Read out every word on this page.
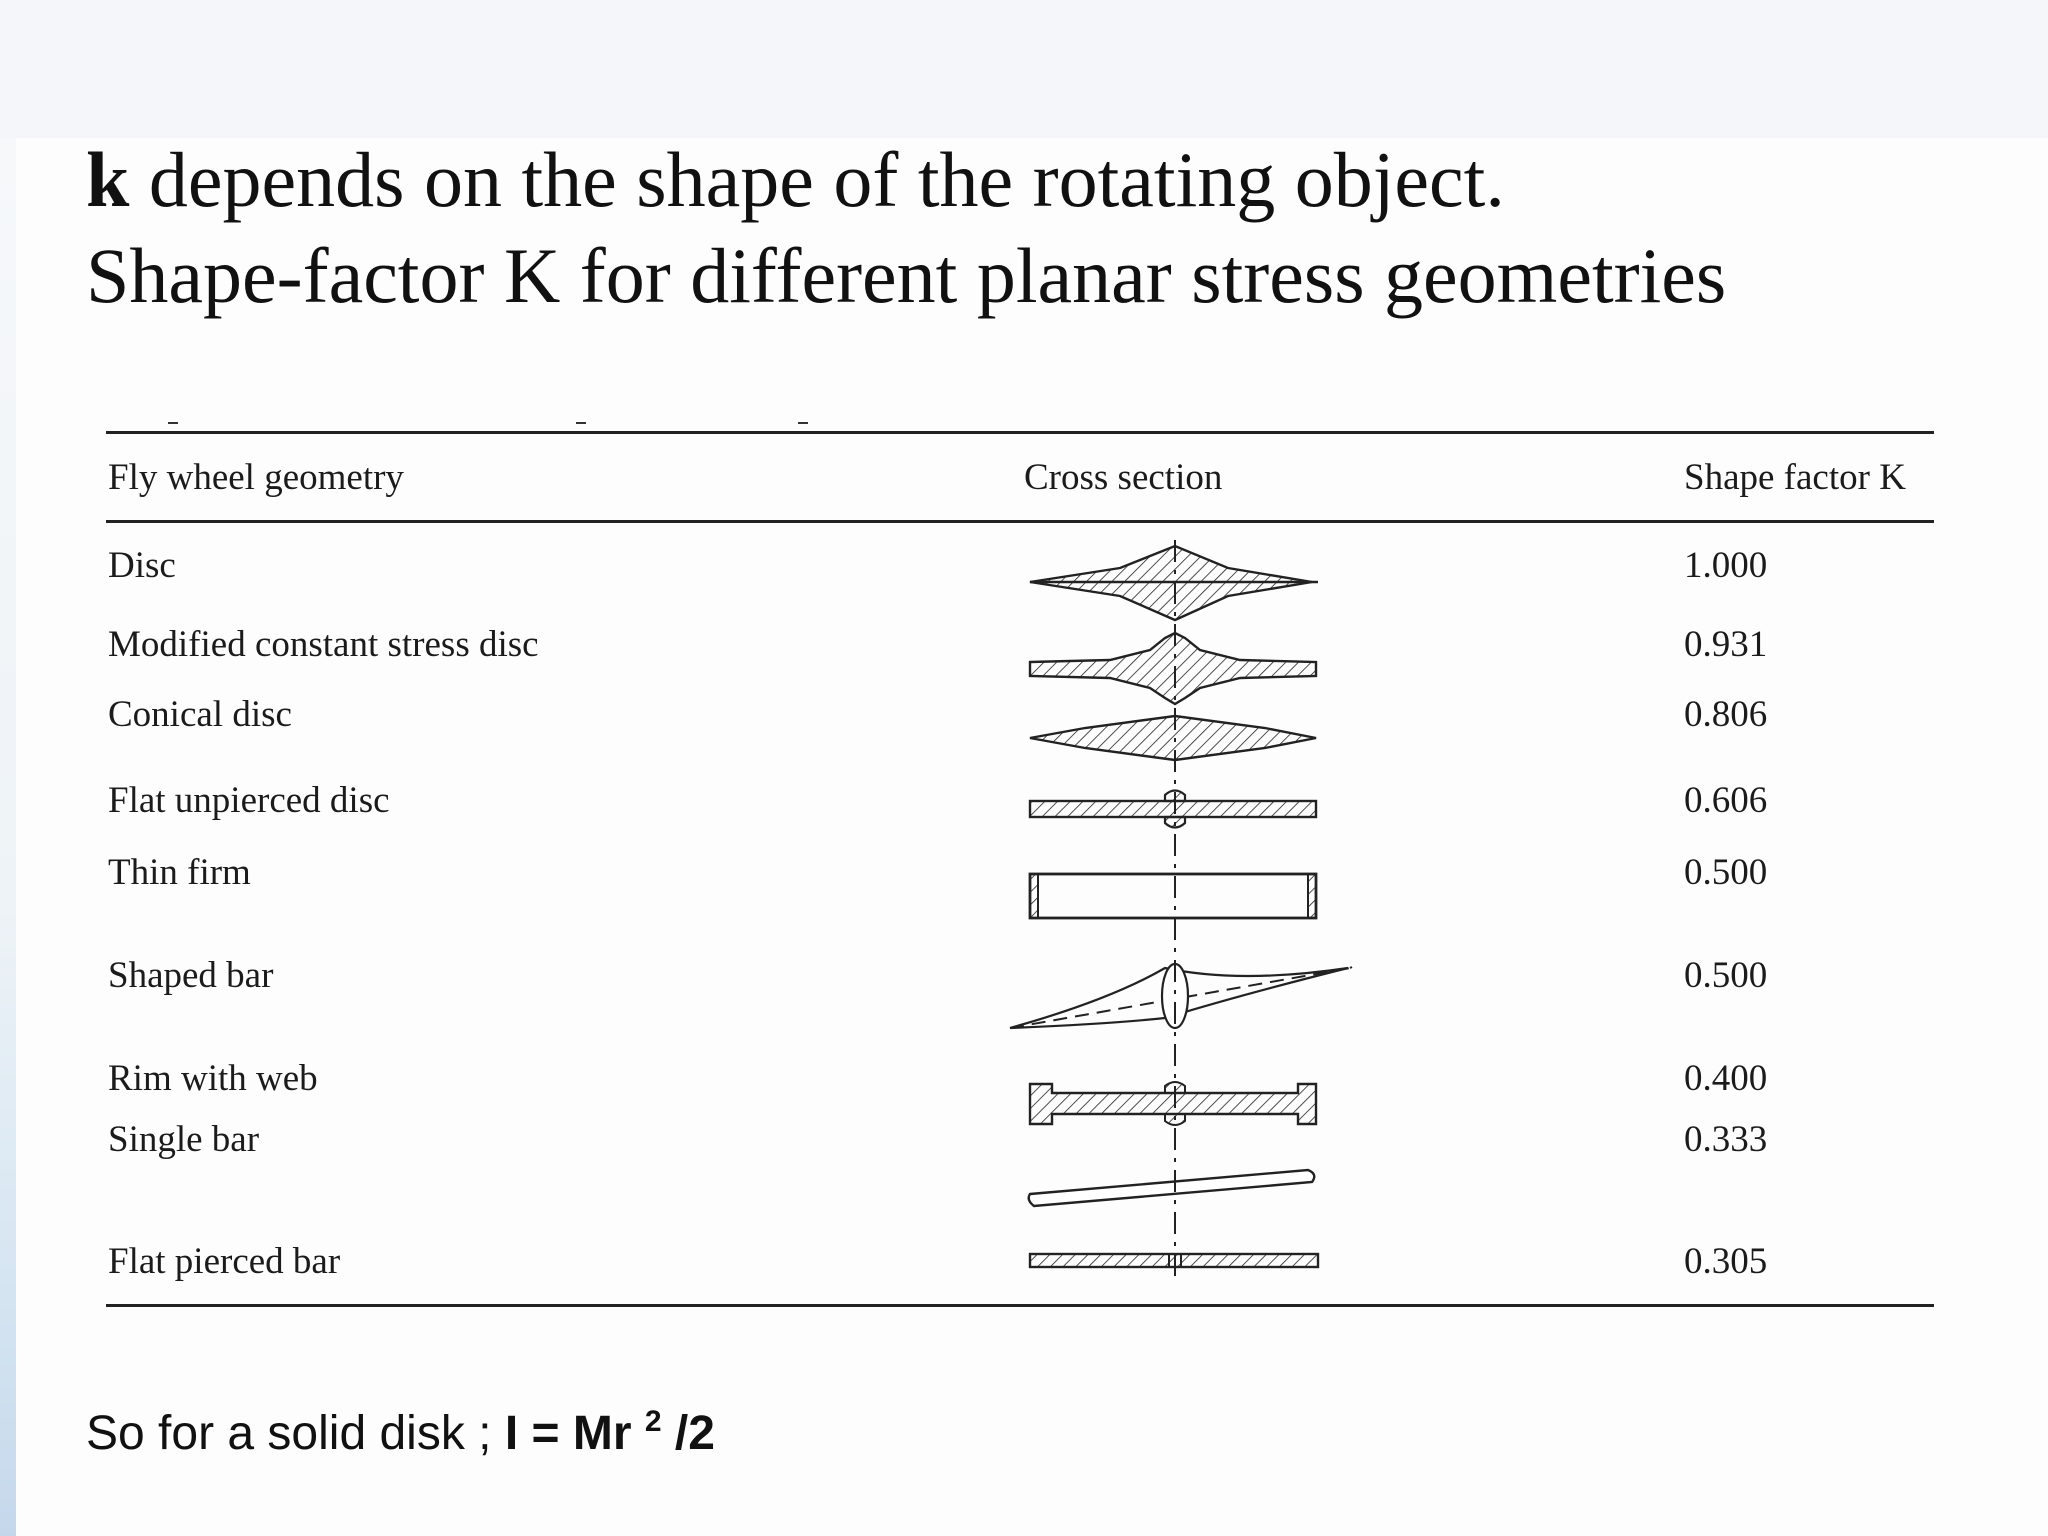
k depends on the shape of the rotating object.
Shape-factor K for different planar stress geometries
Fly wheel geometry	Cross section	Shape factor K
Disc	1.000
Modified constant stress disc	0.931
Conical disc	0.806
Flat unpierced disc	0.606
Thin firm	0.500
Shaped bar	0.500
Rim with web	0.400
Single bar	0.333
Flat pierced bar	0.305
So for a solid disk ; I = Mr $^2$ /2
